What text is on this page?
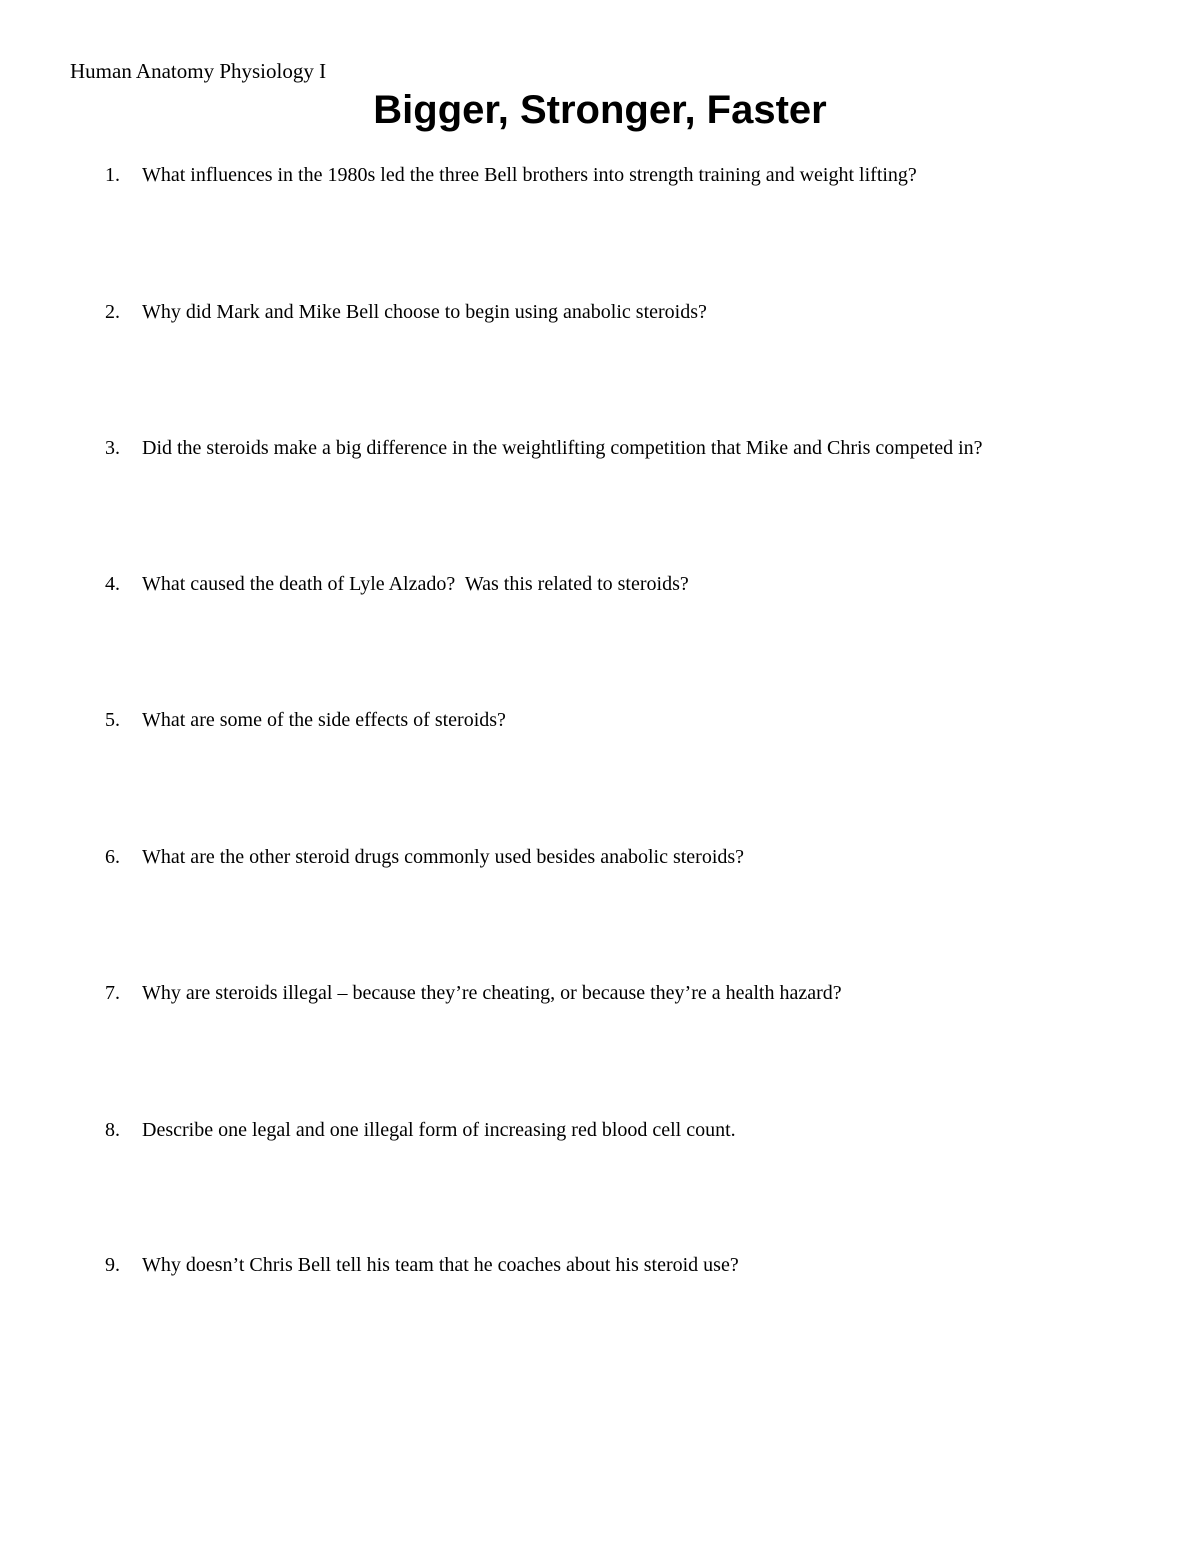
Human Anatomy Physiology I
Bigger, Stronger, Faster
1.	What influences in the 1980s led the three Bell brothers into strength training and weight lifting?
2.	Why did Mark and Mike Bell choose to begin using anabolic steroids?
3.	Did the steroids make a big difference in the weightlifting competition that Mike and Chris competed in?
4.	What caused the death of Lyle Alzado?  Was this related to steroids?
5.	What are some of the side effects of steroids?
6.	What are the other steroid drugs commonly used besides anabolic steroids?
7.	Why are steroids illegal – because they’re cheating, or because they’re a health hazard?
8.	Describe one legal and one illegal form of increasing red blood cell count.
9.	Why doesn’t Chris Bell tell his team that he coaches about his steroid use?
